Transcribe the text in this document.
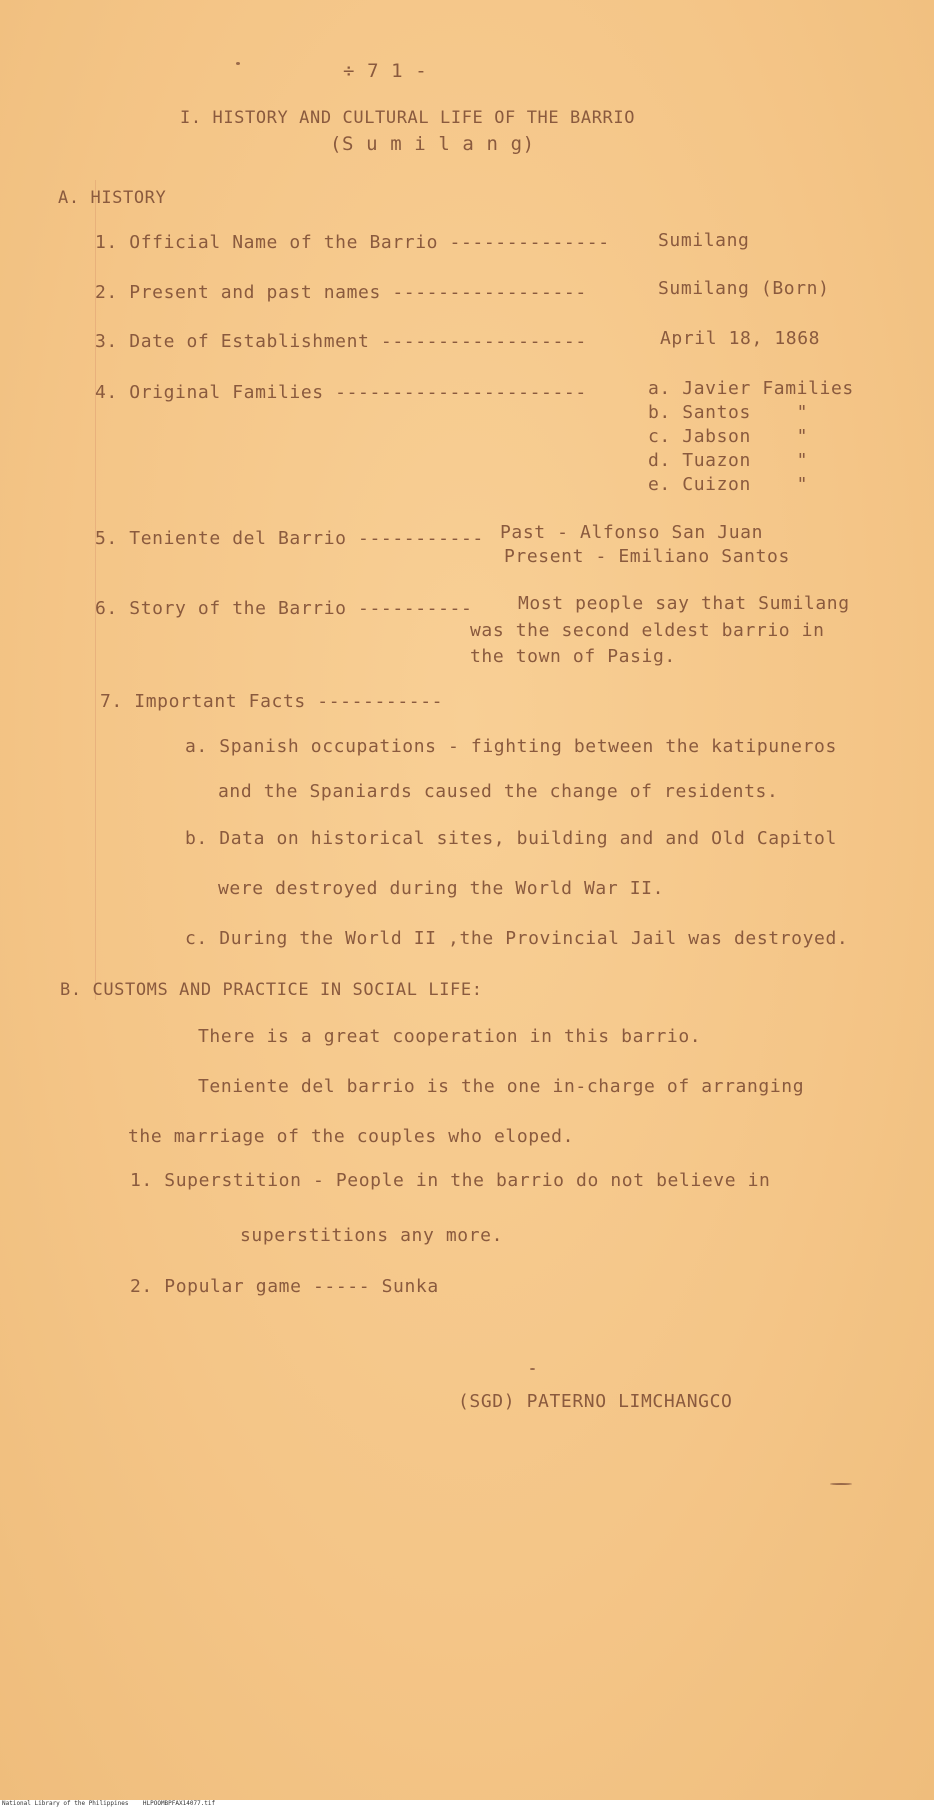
÷ 7 1 -
I. HISTORY AND CULTURAL LIFE OF THE BARRIO
(S u m i l a n g)
A. HISTORY
1. Official Name of the Barrio --------------	Sumilang
2. Present and past names -----------------	Sumilang (Born)
3. Date of Establishment ------------------	April 18, 1868
4. Original Families ----------------------	a. Javier Families
b. Santos    "
c. Jabson    "
d. Tuazon    "
e. Cuizon    "
5. Teniente del Barrio ----------- Past - Alfonso San Juan
Present - Emiliano Santos
6. Story of the Barrio ----------	Most people say that Sumilang
was the second eldest barrio in
the town of Pasig.
7. Important Facts -----------
a. Spanish occupations - fighting between the katipuneros
and the Spaniards caused the change of residents.
b. Data on historical sites, building and and Old Capitol
were destroyed during the World War II.
c. During the World II ,the Provincial Jail was destroyed.
B. CUSTOMS AND PRACTICE IN SOCIAL LIFE:
There is a great cooperation in this barrio.
Teniente del barrio is the one in-charge of arranging
the marriage of the couples who eloped.
1. Superstition - People in the barrio do not believe in
superstitions any more.
2. Popular game ----- Sunka
(SGD) PATERNO LIMCHANGCO
National Library of the Philippines    HLPOOMBPFAX14077.tif
